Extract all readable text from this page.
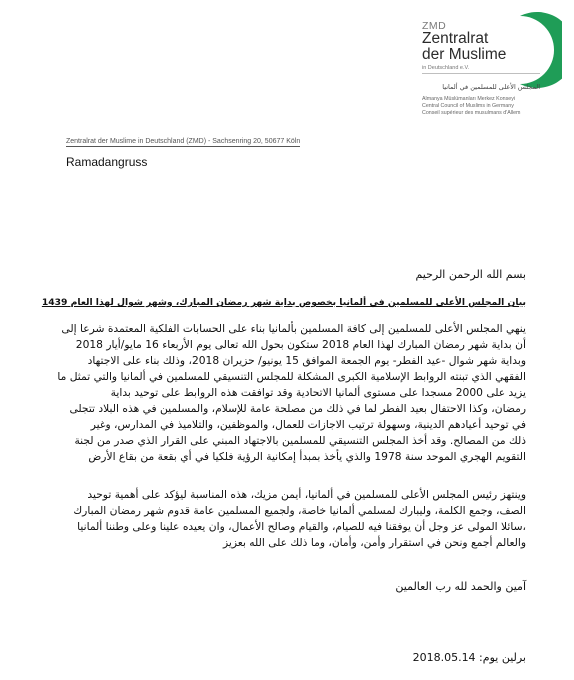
ZMD
Zentralrat
der Muslime
in Deutschland e.V.
المجلس الأعلى للمسلمين في ألمانيا
Almanya Müslümanları Merkez Konseyi
Central Council of Muslims in Germany
Conseil supérieur des musulmans d'Allem
Zentralrat der Muslime in Deutschland (ZMD) - Sachsenring 20, 50677 Köln
Ramadangruss
بسم الله الرحمن الرحيم
بيان المجلس الأعلى للمسلمين في ألمانيا بخصوص بداية شهر رمضان المبارك، وشهر شوال لهذا العام 1439
ينهي المجلس الأعلى للمسلمين إلى كافة المسلمين بألمانيا بناء على الحسابات الفلكية المعتمدة شرعا إلى
أن بداية شهر رمضان المبارك لهذا العام 2018 ستكون بحول الله تعالى يوم الأربعاء 16 مايو/أيار 2018
وبداية شهر شوال -عيد الفطر- يوم الجمعة الموافق 15 يونيو/ حزيران 2018، وذلك بناء على الاجتهاد
الفقهي الذي تبنته الروابط الإسلامية الكبرى المشكلة للمجلس التنسيقي للمسلمين في ألمانيا والتي تمثل ما
يزيد على 2000 مسجدا على مستوى ألمانيا الاتحادية وقد توافقت هذه الروابط على توحيد بداية
رمضان، وكذا الاحتفال بعيد الفطر لما في ذلك من مصلحة عامة للإسلام، والمسلمين في هذه البلاد تتجلى
في توحيد أعيادهم الدينية، وسهولة ترتيب الاجازات للعمال، والموظفين، والتلاميذ في المدارس، وغير
ذلك من المصالح. وقد أخذ المجلس التنسيقي للمسلمين بالاجتهاد المبني على القرار الذي صدر من لجنة
التقويم الهجري الموحد سنة 1978 والذي يأخذ بمبدأ إمكانية الرؤية فلكيا في أي بقعة من بقاع الأرض
وينتهز رئيس المجلس الأعلى للمسلمين في ألمانيا، أيمن مزيك، هذه المناسبة ليؤكد على أهمية توحيد
الصف، وجمع الكلمة، وليبارك لمسلمي ألمانيا خاصة، ولجميع المسلمين عامة قدوم شهر رمضان المبارك
،سائلا المولى عز وجل أن يوفقنا فيه للصيام، والقيام وصالح الأعمال، وان يعيده علينا وعلى وطننا ألمانيا
والعالم أجمع ونحن في استقرار وأمن، وأمان، وما ذلك على الله بعزيز
آمين والحمد لله رب العالمين
برلين يوم: 2018.05.14
